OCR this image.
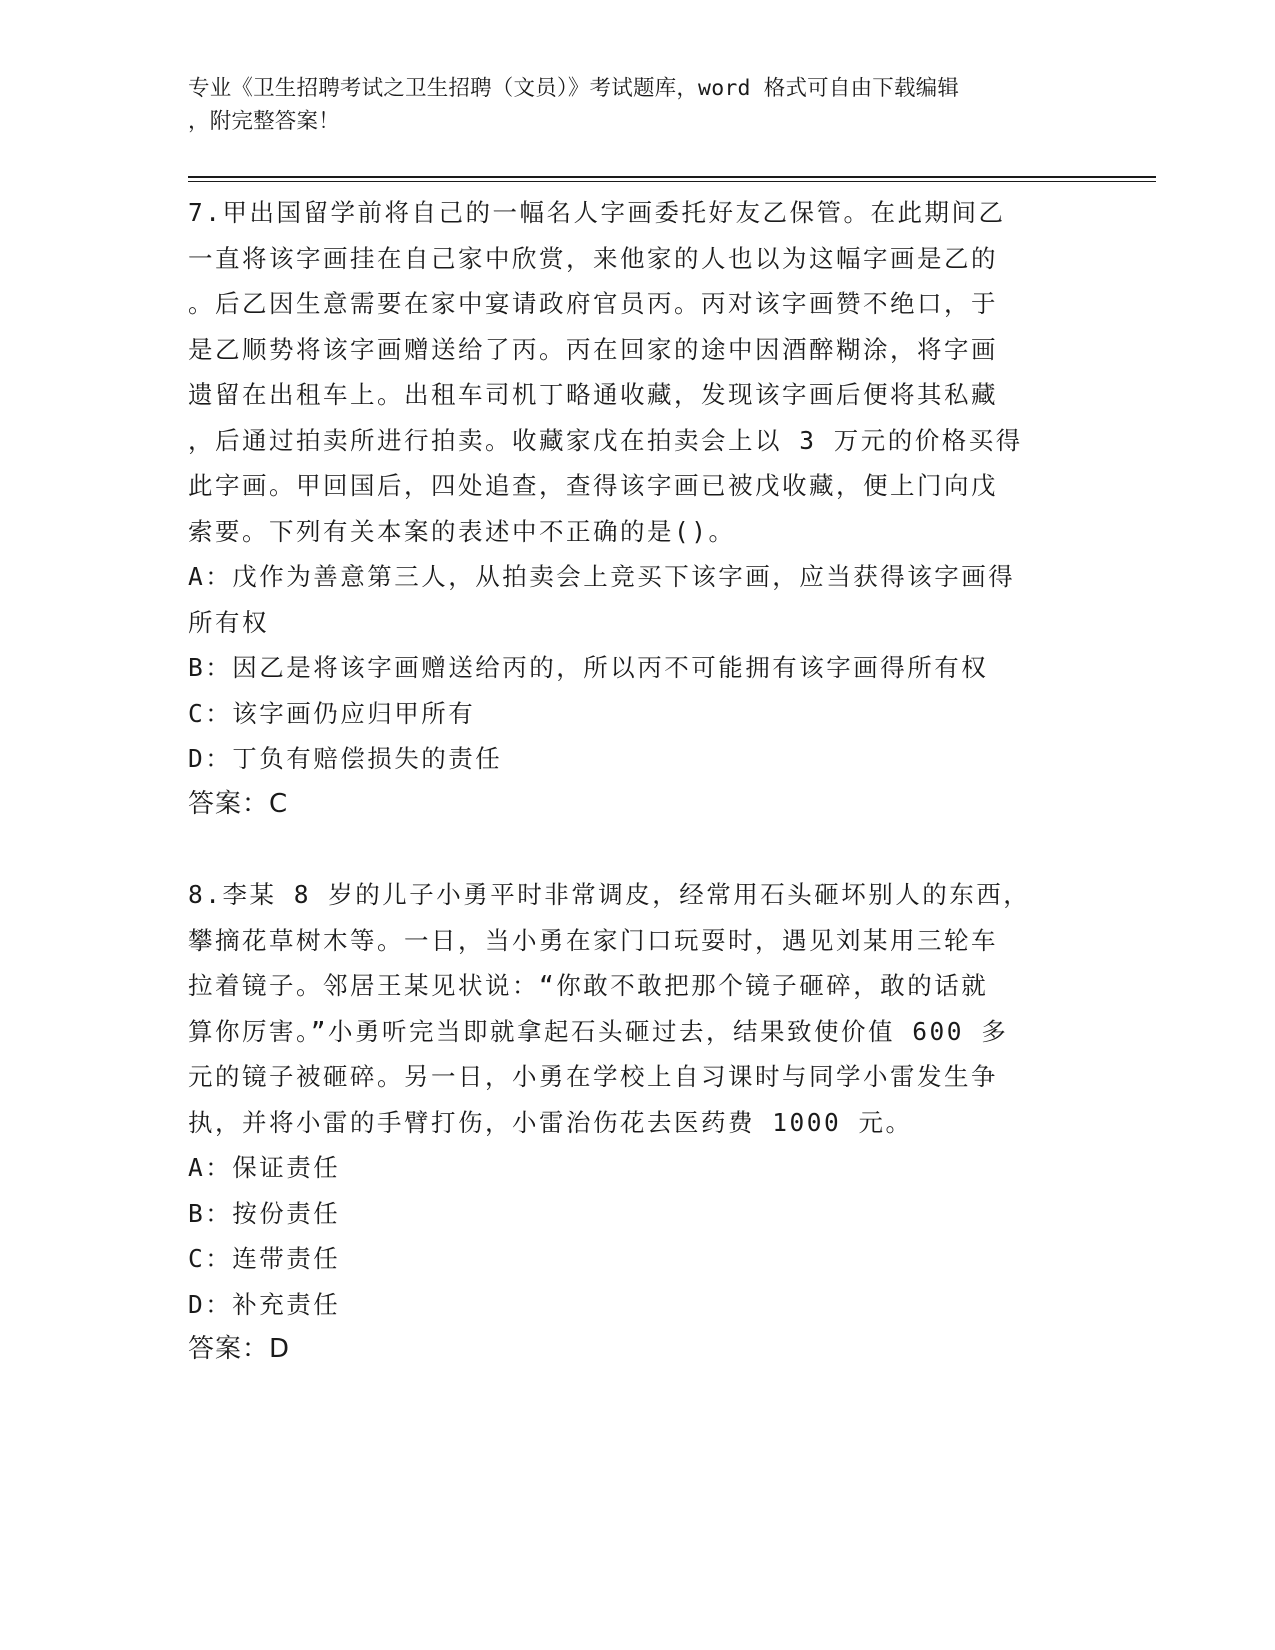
专业《卫生招聘考试之卫生招聘（文员）》考试题库，word 格式可自由下载编辑
，附完整答案！
7.甲出国留学前将自己的一幅名人字画委托好友乙保管。在此期间乙
一直将该字画挂在自己家中欣赏，来他家的人也以为这幅字画是乙的
。后乙因生意需要在家中宴请政府官员丙。丙对该字画赞不绝口，于
是乙顺势将该字画赠送给了丙。丙在回家的途中因酒醉糊涂，将字画
遗留在出租车上。出租车司机丁略通收藏，发现该字画后便将其私藏
，后通过拍卖所进行拍卖。收藏家戊在拍卖会上以 3 万元的价格买得
此字画。甲回国后，四处追查，查得该字画已被戊收藏，便上门向戊
索要。下列有关本案的表述中不正确的是()。
A：戊作为善意第三人，从拍卖会上竞买下该字画，应当获得该字画得
所有权
B：因乙是将该字画赠送给丙的，所以丙不可能拥有该字画得所有权
C：该字画仍应归甲所有
D：丁负有赔偿损失的责任
答案：C
8.李某 8 岁的儿子小勇平时非常调皮，经常用石头砸坏别人的东西，
攀摘花草树木等。一日，当小勇在家门口玩耍时，遇见刘某用三轮车
拉着镜子。邻居王某见状说：“你敢不敢把那个镜子砸碎，敢的话就
算你厉害。”小勇听完当即就拿起石头砸过去，结果致使价值 600 多
元的镜子被砸碎。另一日，小勇在学校上自习课时与同学小雷发生争
执，并将小雷的手臂打伤，小雷治伤花去医药费 1000 元。
A：保证责任
B：按份责任
C：连带责任
D：补充责任
答案：D
